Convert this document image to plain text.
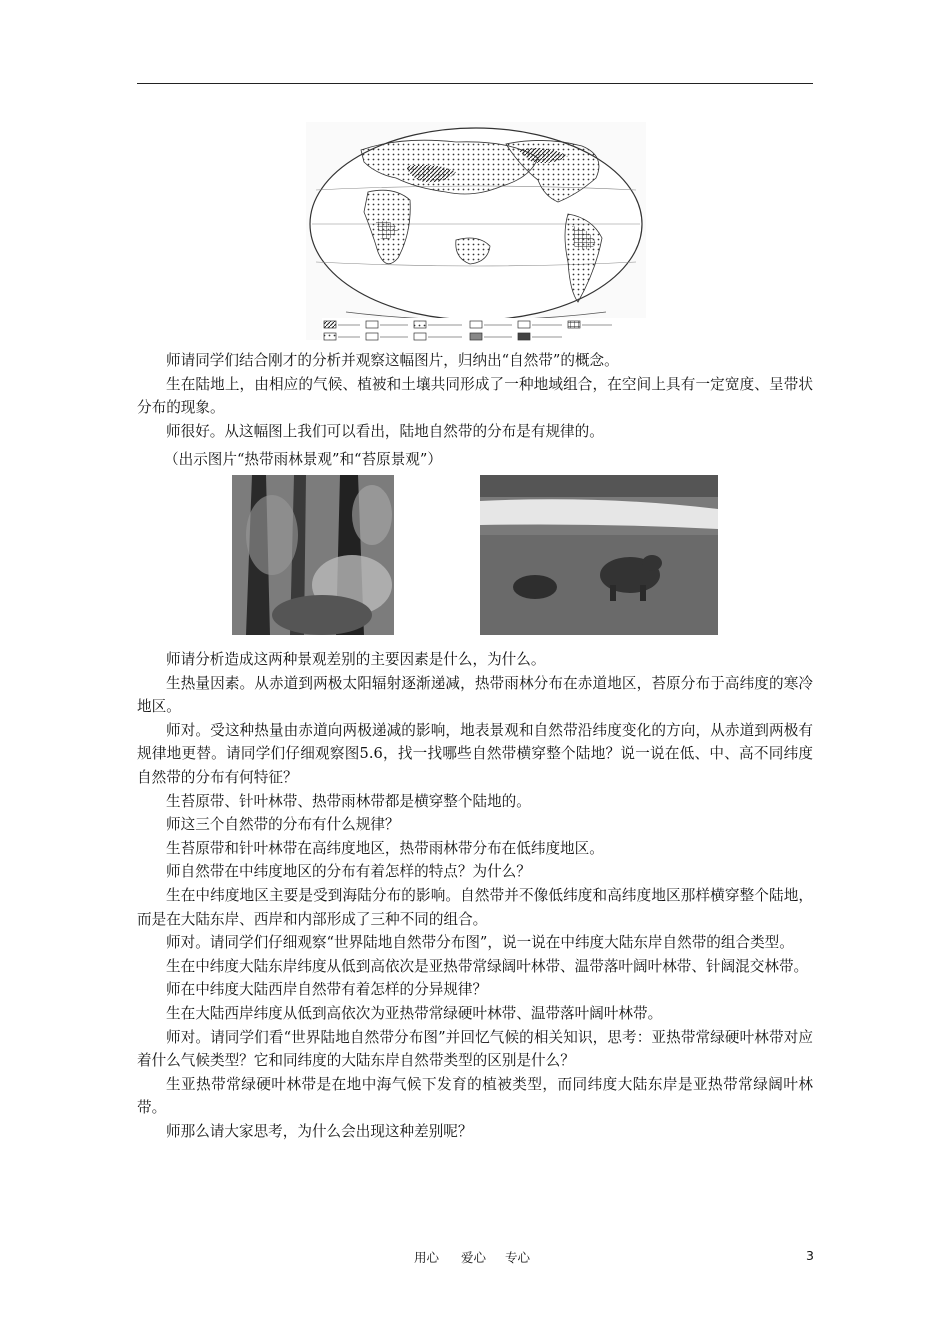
师请同学们结合刚才的分析并观察这幅图片，归纳出“自然带”的概念。

生在陆地上，由相应的气候、植被和土壤共同形成了一种地域组合，在空间上具有一定宽度、呈带状分布的现象。

师很好。从这幅图上我们可以看出，陆地自然带的分布是有规律的。

（出示图片“热带雨林景观”和“苔原景观”）

师请分析造成这两种景观差别的主要因素是什么，为什么。

生热量因素。从赤道到两极太阳辐射逐渐递减，热带雨林分布在赤道地区，苔原分布于高纬度的寒冷地区。

师对。受这种热量由赤道向两极递减的影响，地表景观和自然带沿纬度变化的方向，从赤道到两极有规律地更替。请同学们仔细观察图5.6，找一找哪些自然带横穿整个陆地？说一说在低、中、高不同纬度自然带的分布有何特征？

生苔原带、针叶林带、热带雨林带都是横穿整个陆地的。

师这三个自然带的分布有什么规律？

生苔原带和针叶林带在高纬度地区，热带雨林带分布在低纬度地区。

师自然带在中纬度地区的分布有着怎样的特点？为什么？

生在中纬度地区主要是受到海陆分布的影响。自然带并不像低纬度和高纬度地区那样横穿整个陆地，而是在大陆东岸、西岸和内部形成了三种不同的组合。

师对。请同学们仔细观察“世界陆地自然带分布图”，说一说在中纬度大陆东岸自然带的组合类型。

生在中纬度大陆东岸纬度从低到高依次是亚热带常绿阔叶林带、温带落叶阔叶林带、针阔混交林带。

师在中纬度大陆西岸自然带有着怎样的分异规律？

生在大陆西岸纬度从低到高依次为亚热带常绿硬叶林带、温带落叶阔叶林带。

师对。请同学们看“世界陆地自然带分布图”并回忆气候的相关知识，思考：亚热带常绿硬叶林带对应着什么气候类型？它和同纬度的大陆东岸自然带类型的区别是什么？

生亚热带常绿硬叶林带是在地中海气候下发育的植被类型，而同纬度大陆东岸是亚热带常绿阔叶林带。

师那么请大家思考，为什么会出现这种差别呢？

用心 爱心 专心	3
